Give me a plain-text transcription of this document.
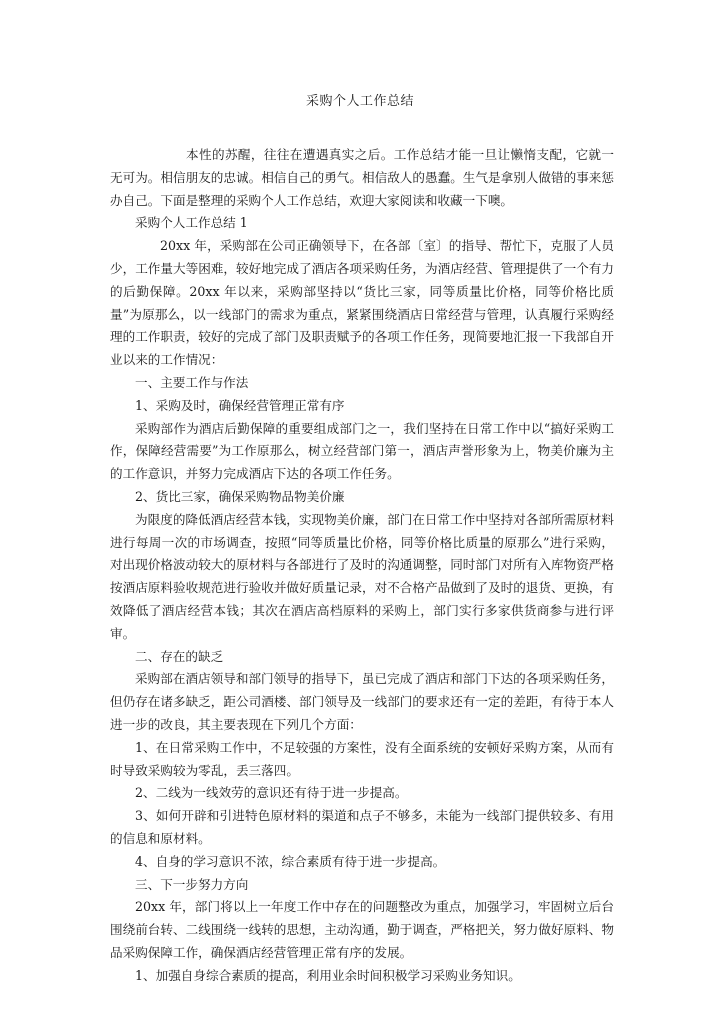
采购个人工作总结

本性的苏醒，往往在遭遇真实之后。工作总结才能一旦让懒惰支配，它就一无可为。相信朋友的忠诚。相信自己的勇气。相信敌人的愚蠢。生气是拿别人做错的事来惩办自己。下面是整理的采购个人工作总结，欢迎大家阅读和收藏一下噢。

采购个人工作总结 1

20xx 年，采购部在公司正确领导下，在各部〔室〕的指导、帮忙下，克服了人员少，工作量大等困难，较好地完成了酒店各项采购任务，为酒店经营、管理提供了一个有力的后勤保障。20xx 年以来，采购部坚持以“货比三家，同等质量比价格，同等价格比质量”为原那么，以一线部门的需求为重点，紧紧围绕酒店日常经营与管理，认真履行采购经理的工作职责，较好的完成了部门及职责赋予的各项工作任务，现简要地汇报一下我部自开业以来的工作情况：

一、主要工作与作法

1、采购及时，确保经营管理正常有序

采购部作为酒店后勤保障的重要组成部门之一，我们坚持在日常工作中以“搞好采购工作，保障经营需要”为工作原那么，树立经营部门第一，酒店声誉形象为上，物美价廉为主的工作意识，并努力完成酒店下达的各项工作任务。

2、货比三家，确保采购物品物美价廉

为限度的降低酒店经营本钱，实现物美价廉，部门在日常工作中坚持对各部所需原材料进行每周一次的市场调查，按照“同等质量比价格，同等价格比质量的原那么”进行采购，对出现价格波动较大的原材料与各部进行了及时的沟通调整，同时部门对所有入库物资严格按酒店原料验收规范进行验收并做好质量记录，对不合格产品做到了及时的退货、更换，有效降低了酒店经营本钱；其次在酒店高档原料的采购上，部门实行多家供货商参与进行评审。

二、存在的缺乏

采购部在酒店领导和部门领导的指导下，虽已完成了酒店和部门下达的各项采购任务，但仍存在诸多缺乏，距公司酒楼、部门领导及一线部门的要求还有一定的差距，有待于本人进一步的改良，其主要表现在下列几个方面：

1、在日常采购工作中，不足较强的方案性，没有全面系统的安顿好采购方案，从而有时导致采购较为零乱，丢三落四。

2、二线为一线效劳的意识还有待于进一步提高。

3、如何开辟和引进特色原材料的渠道和点子不够多，未能为一线部门提供较多、有用的信息和原材料。

4、自身的学习意识不浓，综合素质有待于进一步提高。

三、下一步努力方向

20xx 年，部门将以上一年度工作中存在的问题整改为重点，加强学习，牢固树立后台围绕前台转、二线围绕一线转的思想，主动沟通，勤于调查，严格把关，努力做好原料、物品采购保障工作，确保酒店经营管理正常有序的发展。

1、加强自身综合素质的提高，利用业余时间积极学习采购业务知识。
